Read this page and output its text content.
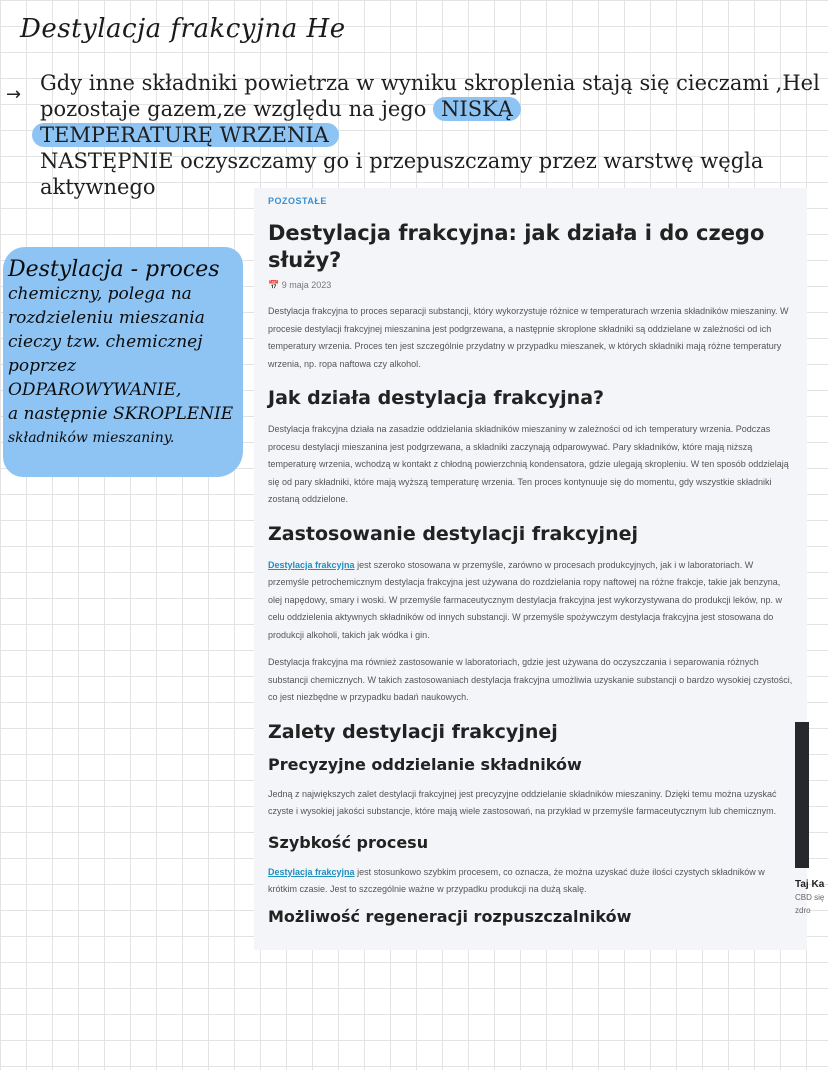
Destylacja frakcyjna He
→ Gdy inne składniki powietrza w wyniku skroplenia stają się cieczami ,Hel pozostaje gazem,ze względu na jego NISKĄ
TEMPERATURĘ WRZENIA

NASTĘPNIE oczyszczamy go i przepuszczamy przez warstwę węgla aktywnego

Destylacja - proces
chemiczny, polega na
rozdzieleniu mieszania
cieczy tzw. chemicznej
poprzez ODPAROWYWANIE,
a następnie SKROPLENIE
składników mieszaniny.
POZOSTAŁE
Destylacja frakcyjna: jak działa i do czego służy?
📅 9 maja 2023

Destylacja frakcyjna to proces separacji substancji, który wykorzystuje różnice w temperaturach wrzenia składników mieszaniny. W procesie destylacji frakcyjnej mieszanina jest podgrzewana, a następnie skroplone składniki są oddzielane w zależności od ich temperatury wrzenia. Proces ten jest szczególnie przydatny w przypadku mieszanek, w których składniki mają różne temperatury wrzenia, np. ropa naftowa czy alkohol.

Jak działa destylacja frakcyjna?

Destylacja frakcyjna działa na zasadzie oddzielania składników mieszaniny w zależności od ich temperatury wrzenia. Podczas procesu destylacji mieszanina jest podgrzewana, a składniki zaczynają odparowywać. Pary składników, które mają niższą temperaturę wrzenia, wchodzą w kontakt z chłodną powierzchnią kondensatora, gdzie ulegają skropleniu. W ten sposób oddzielają się od pary składniki, które mają wyższą temperaturę wrzenia. Ten proces kontynuuje się do momentu, gdy wszystkie składniki zostaną oddzielone.

Zastosowanie destylacji frakcyjnej

Destylacja frakcyjna jest szeroko stosowana w przemyśle, zarówno w procesach produkcyjnych, jak i w laboratoriach. W przemyśle petrochemicznym destylacja frakcyjna jest używana do rozdzielania ropy naftowej na różne frakcje, takie jak benzyna, olej napędowy, smary i woski. W przemyśle farmaceutycznym destylacja frakcyjna jest wykorzystywana do produkcji leków, np. w celu oddzielenia aktywnych składników od innych substancji. W przemyśle spożywczym destylacja frakcyjna jest stosowana do produkcji alkoholi, takich jak wódka i gin.

Destylacja frakcyjna ma również zastosowanie w laboratoriach, gdzie jest używana do oczyszczania i separowania różnych substancji chemicznych. W takich zastosowaniach destylacja frakcyjna umożliwia uzyskanie substancji o bardzo wysokiej czystości, co jest niezbędne w przypadku badań naukowych.

Zalety destylacji frakcyjnej
Precyzyjne oddzielanie składników

Jedną z największych zalet destylacji frakcyjnej jest precyzyjne oddzielanie składników mieszaniny. Dzięki temu można uzyskać czyste i wysokiej jakości substancje, które mają wiele zastosowań, na przykład w przemyśle farmaceutycznym lub chemicznym.

Szybkość procesu

Destylacja frakcyjna jest stosunkowo szybkim procesem, co oznacza, że można uzyskać duże ilości czystych składników w krótkim czasie. Jest to szczególnie ważne w przypadku produkcji na dużą skalę.

Możliwość regeneracji rozpuszczalników
Taj Ka
CBD się zdro
